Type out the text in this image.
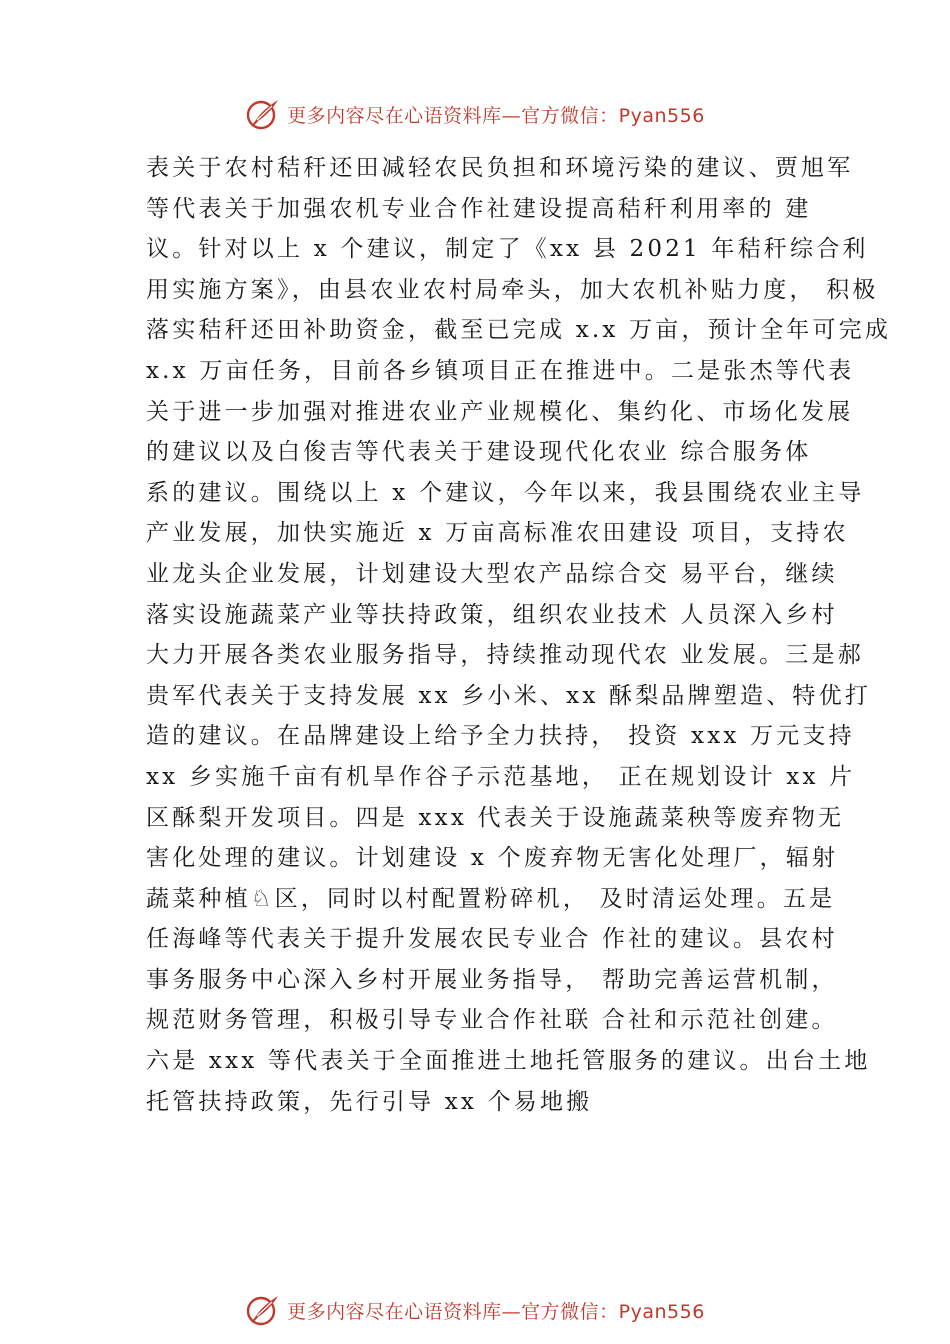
更多内容尽在心语资料库—官方微信：Pyan556
表关于农村秸秆还田减轻农民负担和环境污染的建议、贾旭军
等代表关于加强农机专业合作社建设提高秸秆利用率的 建
议。针对以上 x 个建议，制定了《xx 县 2021 年秸秆综合利
用实施方案》，由县农业农村局牵头，加大农机补贴力度， 积极
落实秸秆还田补助资金，截至已完成 x.x 万亩，预计全年可完成
x.x 万亩任务，目前各乡镇项目正在推进中。二是张杰等代表
关于进一步加强对推进农业产业规模化、集约化、市场化发展
的建议以及白俊吉等代表关于建设现代化农业 综合服务体
系的建议。围绕以上 x 个建议，今年以来，我县围绕农业主导
产业发展，加快实施近 x 万亩高标准农田建设 项目，支持农
业龙头企业发展，计划建设大型农产品综合交 易平台，继续
落实设施蔬菜产业等扶持政策，组织农业技术 人员深入乡村
大力开展各类农业服务指导，持续推动现代农 业发展。三是郝
贵军代表关于支持发展 xx 乡小米、xx 酥梨品牌塑造、特优打
造的建议。在品牌建设上给予全力扶持， 投资 xxx 万元支持
xx 乡实施千亩有机旱作谷子示范基地， 正在规划设计 xx 片
区酥梨开发项目。四是 xxx 代表关于设施蔬菜秧等废弃物无
害化处理的建议。计划建设 x 个废弃物无害化处理厂，辐射
蔬菜种植♘区，同时以村配置粉碎机， 及时清运处理。五是
任海峰等代表关于提升发展农民专业合 作社的建议。县农村
事务服务中心深入乡村开展业务指导， 帮助完善运营机制，
规范财务管理，积极引导专业合作社联 合社和示范社创建。
六是 xxx 等代表关于全面推进土地托管服务的建议。出台土地
托管扶持政策，先行引导 xx 个易地搬
更多内容尽在心语资料库—官方微信：Pyan556
